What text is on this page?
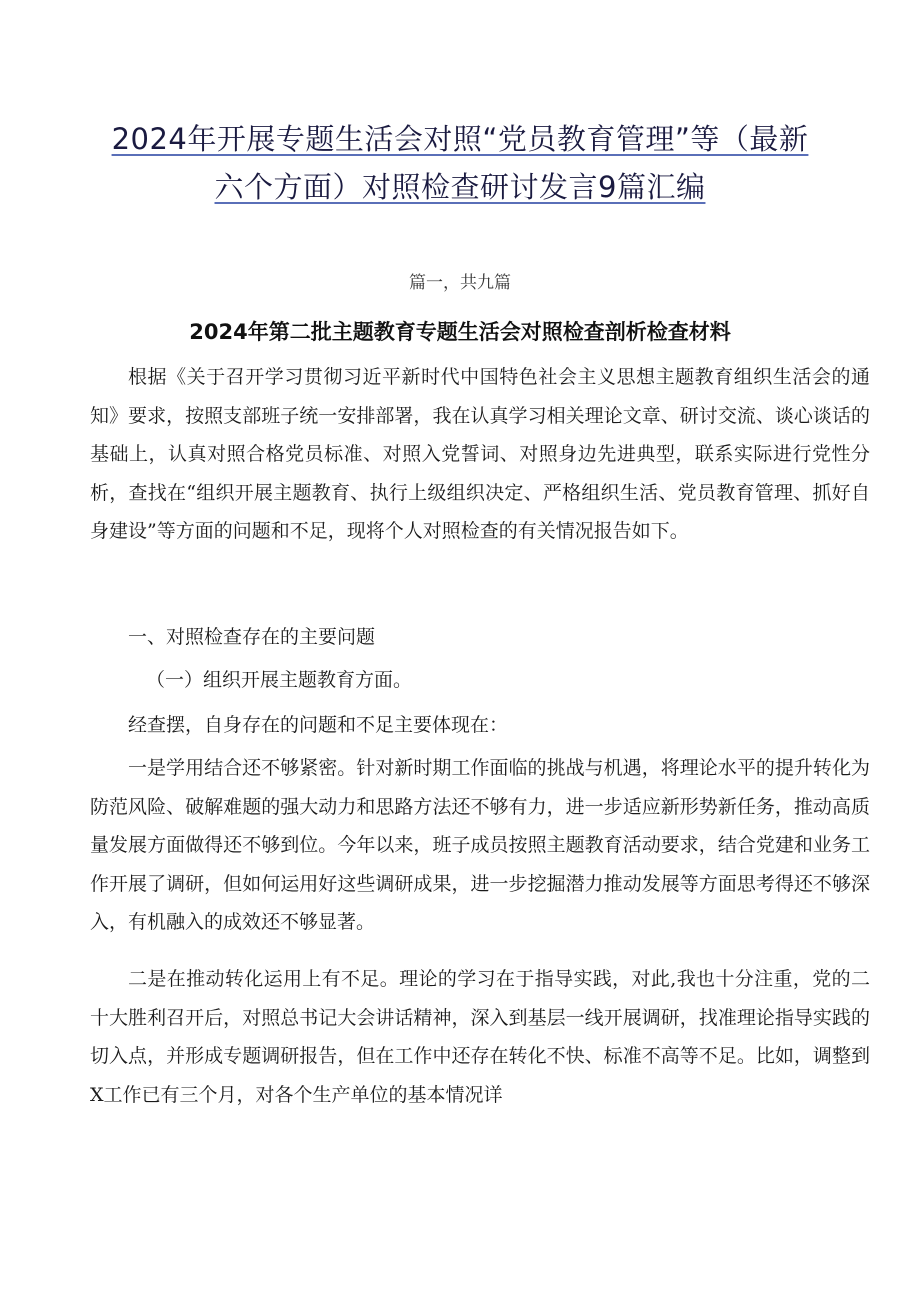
2024年开展专题生活会对照“党员教育管理”等（最新
六个方面）对照检查研讨发言9篇汇编
篇一，共九篇
2024年第二批主题教育专题生活会对照检查剖析检查材料

根据《关于召开学习贯彻习近平新时代中国特色社会主义思想主题教育组织生活会的通知》要求，按照支部班子统一安排部署，我在认真学习相关理论文章、研讨交流、谈心谈话的基础上，认真对照合格党员标准、对照入党誓词、对照身边先进典型，联系实际进行党性分析，查找在“组织开展主题教育、执行上级组织决定、严格组织生活、党员教育管理、抓好自身建设”等方面的问题和不足，现将个人对照检查的有关情况报告如下。

一、对照检查存在的主要问题

（一）组织开展主题教育方面。

经查摆，自身存在的问题和不足主要体现在：

一是学用结合还不够紧密。针对新时期工作面临的挑战与机遇，将理论水平的提升转化为防范风险、破解难题的强大动力和思路方法还不够有力，进一步适应新形势新任务，推动高质量发展方面做得还不够到位。今年以来，班子成员按照主题教育活动要求，结合党建和业务工作开展了调研，但如何运用好这些调研成果，进一步挖掘潜力推动发展等方面思考得还不够深入，有机融入的成效还不够显著。

二是在推动转化运用上有不足。理论的学习在于指导实践，对此,我也十分注重，党的二十大胜利召开后，对照总书记大会讲话精神，深入到基层一线开展调研，找准理论指导实践的切入点，并形成专题调研报告，但在工作中还存在转化不快、标准不高等不足。比如，调整到X工作已有三个月，对各个生产单位的基本情况详
